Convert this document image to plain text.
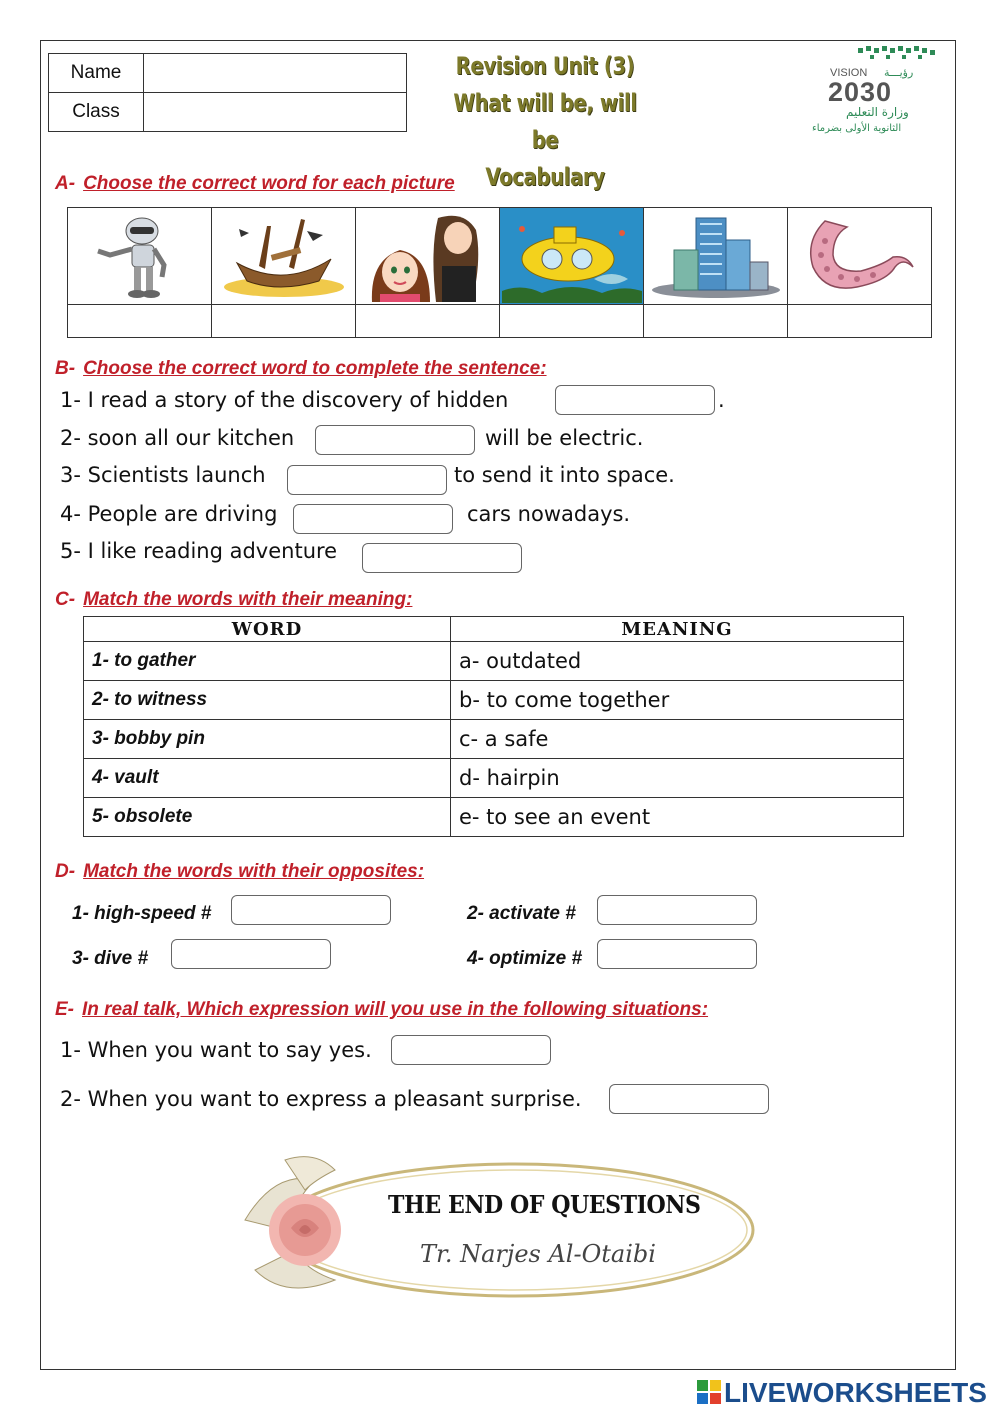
Name	
Class	
Revision Unit (3)
What will be, will be
Vocabulary
VISION رؤيـــة
2030
وزارة التعليم
الثانوية الأولى بضرماء
A- Choose the correct word for each picture

B- Choose the correct word to complete the sentence:
1- I read a story of the discovery of hidden	.
2- soon all our kitchen	will be electric.
3- Scientists launch	to send it into space.
4- People are driving	cars nowadays.
5- I like reading adventure
C- Match the words with their meaning:
WORD	MEANING
1- to gather	a- outdated
2- to witness	b- to come together
3- bobby pin	c- a safe
4- vault	d- hairpin
5- obsolete	e- to see an event
D- Match the words with their opposites:
1- high-speed #	2- activate #
3- dive #	4- optimize #
E- In real talk, Which expression will you use in the following situations:
1- When you want to say yes.
2- When you want to express a pleasant surprise.
THE END OF QUESTIONS
Tr. Narjes Al-Otaibi
LIVEWORKSHEETS
